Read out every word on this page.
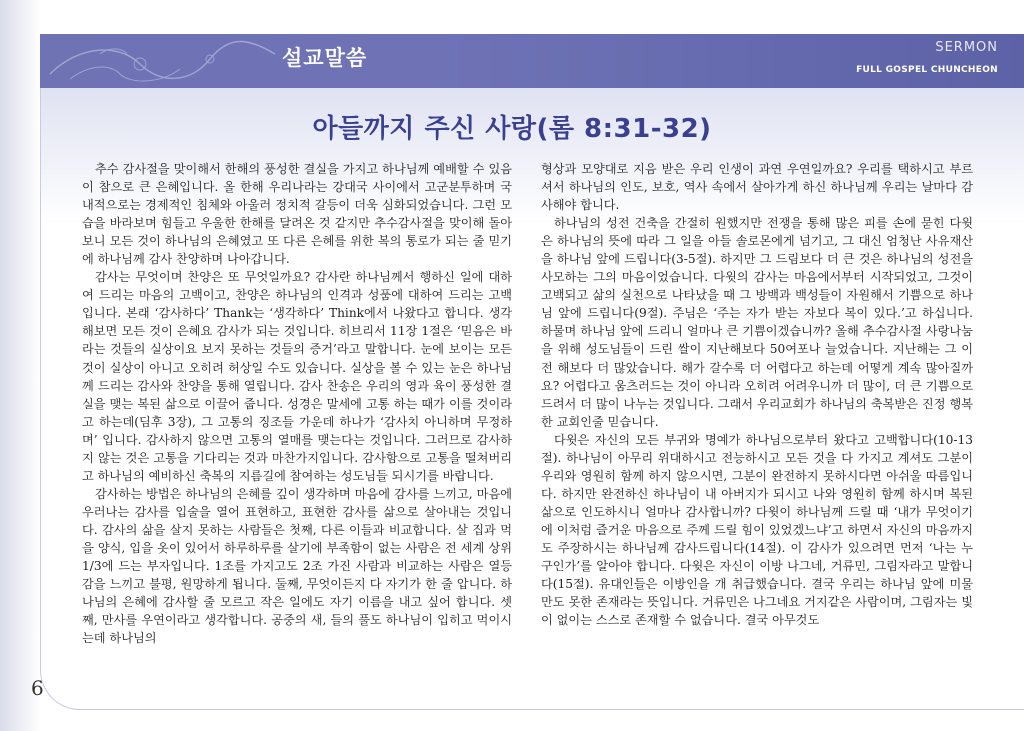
설교말씀	SERMON
FULL GOSPEL CHUNCHEON
아들까지 주신 사랑(롬 8:31-32)

추수 감사절을 맞이해서 한해의 풍성한 결실을 가지고 하나님께 예배할 수 있음이 참으로 큰 은혜입니다. 올 한해 우리나라는 강대국 사이에서 고군분투하며 국내적으로는 경제적인 침체와 아울러 정치적 갈등이 더욱 심화되었습니다. 그런 모습을 바라보며 힘들고 우울한 한해를 달려온 것 같지만 추수감사절을 맞이해 돌아보니 모든 것이 하나님의 은혜였고 또 다른 은혜를 위한 복의 통로가 되는 줄 믿기에 하나님께 감사 찬양하며 나아갑니다.

감사는 무엇이며 찬양은 또 무엇일까요? 감사란 하나님께서 행하신 일에 대하여 드리는 마음의 고백이고, 찬양은 하나님의 인격과 성품에 대하여 드리는 고백입니다. 본래 ‘감사하다’ Thank는 ‘생각하다’ Think에서 나왔다고 합니다. 생각해보면 모든 것이 은혜요 감사가 되는 것입니다. 히브리서 11장 1절은 ‘믿음은 바라는 것들의 실상이요 보지 못하는 것들의 증거’라고 말합니다. 눈에 보이는 모든 것이 실상이 아니고 오히려 허상일 수도 있습니다. 실상을 볼 수 있는 눈은 하나님께 드리는 감사와 찬양을 통해 열립니다. 감사 찬송은 우리의 영과 육이 풍성한 결실을 맺는 복된 삶으로 이끌어 줍니다. 성경은 말세에 고통 하는 때가 이를 것이라고 하는데(딤후 3장), 그 고통의 징조들 가운데 하나가 ‘감사치 아니하며 무정하며’ 입니다. 감사하지 않으면 고통의 열매를 맺는다는 것입니다. 그러므로 감사하지 않는 것은 고통을 기다리는 것과 마찬가지입니다. 감사함으로 고통을 떨쳐버리고 하나님의 예비하신 축복의 지름길에 참여하는 성도님들 되시기를 바랍니다.

감사하는 방법은 하나님의 은혜를 깊이 생각하며 마음에 감사를 느끼고, 마음에 우러나는 감사를 입술을 열어 표현하고, 표현한 감사를 삶으로 살아내는 것입니다. 감사의 삶을 살지 못하는 사람들은 첫째, 다른 이들과 비교합니다. 살 집과 먹을 양식, 입을 옷이 있어서 하루하루를 살기에 부족함이 없는 사람은 전 세계 상위 1/3에 드는 부자입니다. 1조를 가지고도 2조 가진 사람과 비교하는 사람은 열등감을 느끼고 불평, 원망하게 됩니다. 둘째, 무엇이든지 다 자기가 한 줄 압니다. 하나님의 은혜에 감사할 줄 모르고 작은 일에도 자기 이름을 내고 싶어 합니다. 셋째, 만사를 우연이라고 생각합니다. 공중의 새, 들의 풀도 하나님이 입히고 먹이시는데 하나님의

형상과 모양대로 지음 받은 우리 인생이 과연 우연일까요? 우리를 택하시고 부르셔서 하나님의 인도, 보호, 역사 속에서 살아가게 하신 하나님께 우리는 날마다 감사해야 합니다.

하나님의 성전 건축을 간절히 원했지만 전쟁을 통해 많은 피를 손에 묻힌 다윗은 하나님의 뜻에 따라 그 일을 아들 솔로몬에게 넘기고, 그 대신 엄청난 사유재산을 하나님 앞에 드립니다(3-5절). 하지만 그 드림보다 더 큰 것은 하나님의 성전을 사모하는 그의 마음이었습니다. 다윗의 감사는 마음에서부터 시작되었고, 그것이 고백되고 삶의 실천으로 나타났을 때 그 방백과 백성들이 자원해서 기쁨으로 하나님 앞에 드립니다(9절). 주님은 ‘주는 자가 받는 자보다 복이 있다.’고 하십니다. 하물며 하나님 앞에 드리니 얼마나 큰 기쁨이겠습니까? 올해 추수감사절 사랑나눔을 위해 성도님들이 드린 쌀이 지난해보다 50여포나 늘었습니다. 지난해는 그 이전 해보다 더 많았습니다. 해가 갈수록 더 어렵다고 하는데 어떻게 계속 많아질까요? 어렵다고 움츠러드는 것이 아니라 오히려 어려우니까 더 많이, 더 큰 기쁨으로 드려서 더 많이 나누는 것입니다. 그래서 우리교회가 하나님의 축복받은 진정 행복한 교회인줄 믿습니다.

다윗은 자신의 모든 부귀와 명예가 하나님으로부터 왔다고 고백합니다(10-13절). 하나님이 아무리 위대하시고 전능하시고 모든 것을 다 가지고 계셔도 그분이 우리와 영원히 함께 하지 않으시면, 그분이 완전하지 못하시다면 아쉬울 따름입니다. 하지만 완전하신 하나님이 내 아버지가 되시고 나와 영원히 함께 하시며 복된 삶으로 인도하시니 얼마나 감사합니까? 다윗이 하나님께 드릴 때 ‘내가 무엇이기에 이처럼 즐거운 마음으로 주께 드릴 힘이 있었겠느냐’고 하면서 자신의 마음까지도 주장하시는 하나님께 감사드립니다(14절). 이 감사가 있으려면 먼저 ‘나는 누구인가’를 알아야 합니다. 다윗은 자신이 이방 나그네, 거류민, 그림자라고 말합니다(15절). 유대인들은 이방인을 개 취급했습니다. 결국 우리는 하나님 앞에 미물만도 못한 존재라는 뜻입니다. 거류민은 나그네요 거지같은 사람이며, 그림자는 빛이 없이는 스스로 존재할 수 없습니다. 결국 아무것도

6
